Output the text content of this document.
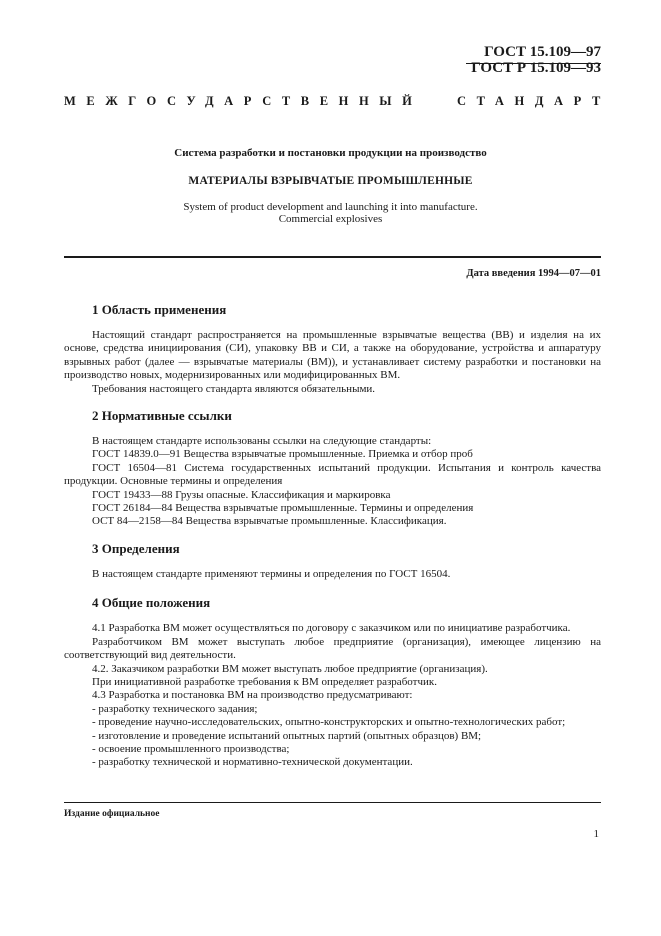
ГОСТ 15.109—97
ГОСТ Р 15.109—93
МЕЖГОСУДАРСТВЕННЫЙ	СТАНДАРТ
Система разработки и постановки продукции на производство
МАТЕРИАЛЫ ВЗРЫВЧАТЫЕ ПРОМЫШЛЕННЫЕ
System of product development and launching it into manufacture.
Commercial explosives
Дата введения 1994—07—01
1 Область применения

Настоящий стандарт распространяется на промышленные взрывчатые вещества (ВВ) и изделия на их основе, средства инициирования (СИ), упаковку ВВ и СИ, а также на оборудование, устройства и аппаратуру взрывных работ (далее — взрывчатые материалы (ВМ)), и устанавливает систему разработки и постановки на производство новых, модернизированных или модифицированных ВМ.

Требования настоящего стандарта являются обязательными.

2 Нормативные ссылки

В настоящем стандарте использованы ссылки на следующие стандарты:

ГОСТ 14839.0—91 Вещества взрывчатые промышленные. Приемка и отбор проб

ГОСТ 16504—81 Система государственных испытаний продукции. Испытания и контроль качества продукции. Основные термины и определения

ГОСТ 19433—88 Грузы опасные. Классификация и маркировка

ГОСТ 26184—84 Вещества взрывчатые промышленные. Термины и определения

ОСТ 84—2158—84 Вещества взрывчатые промышленные. Классификация.

3 Определения

В настоящем стандарте применяют термины и определения по ГОСТ 16504.

4 Общие положения

4.1 Разработка ВМ может осуществляться по договору с заказчиком или по инициативе разработчика.

Разработчиком ВМ может выступать любое предприятие (организация), имеющее лицензию на соответствующий вид деятельности.

4.2. Заказчиком разработки ВМ может выступать любое предприятие (организация).

При инициативной разработке требования к ВМ определяет разработчик.

4.3 Разработка и постановка ВМ на производство предусматривают:

- разработку технического задания;

- проведение научно-исследовательских, опытно-конструкторских и опытно-технологических работ;

- изготовление и проведение испытаний опытных партий (опытных образцов) ВМ;

- освоение промышленного производства;

- разработку технической и нормативно-технической документации.

Издание официальное
1
